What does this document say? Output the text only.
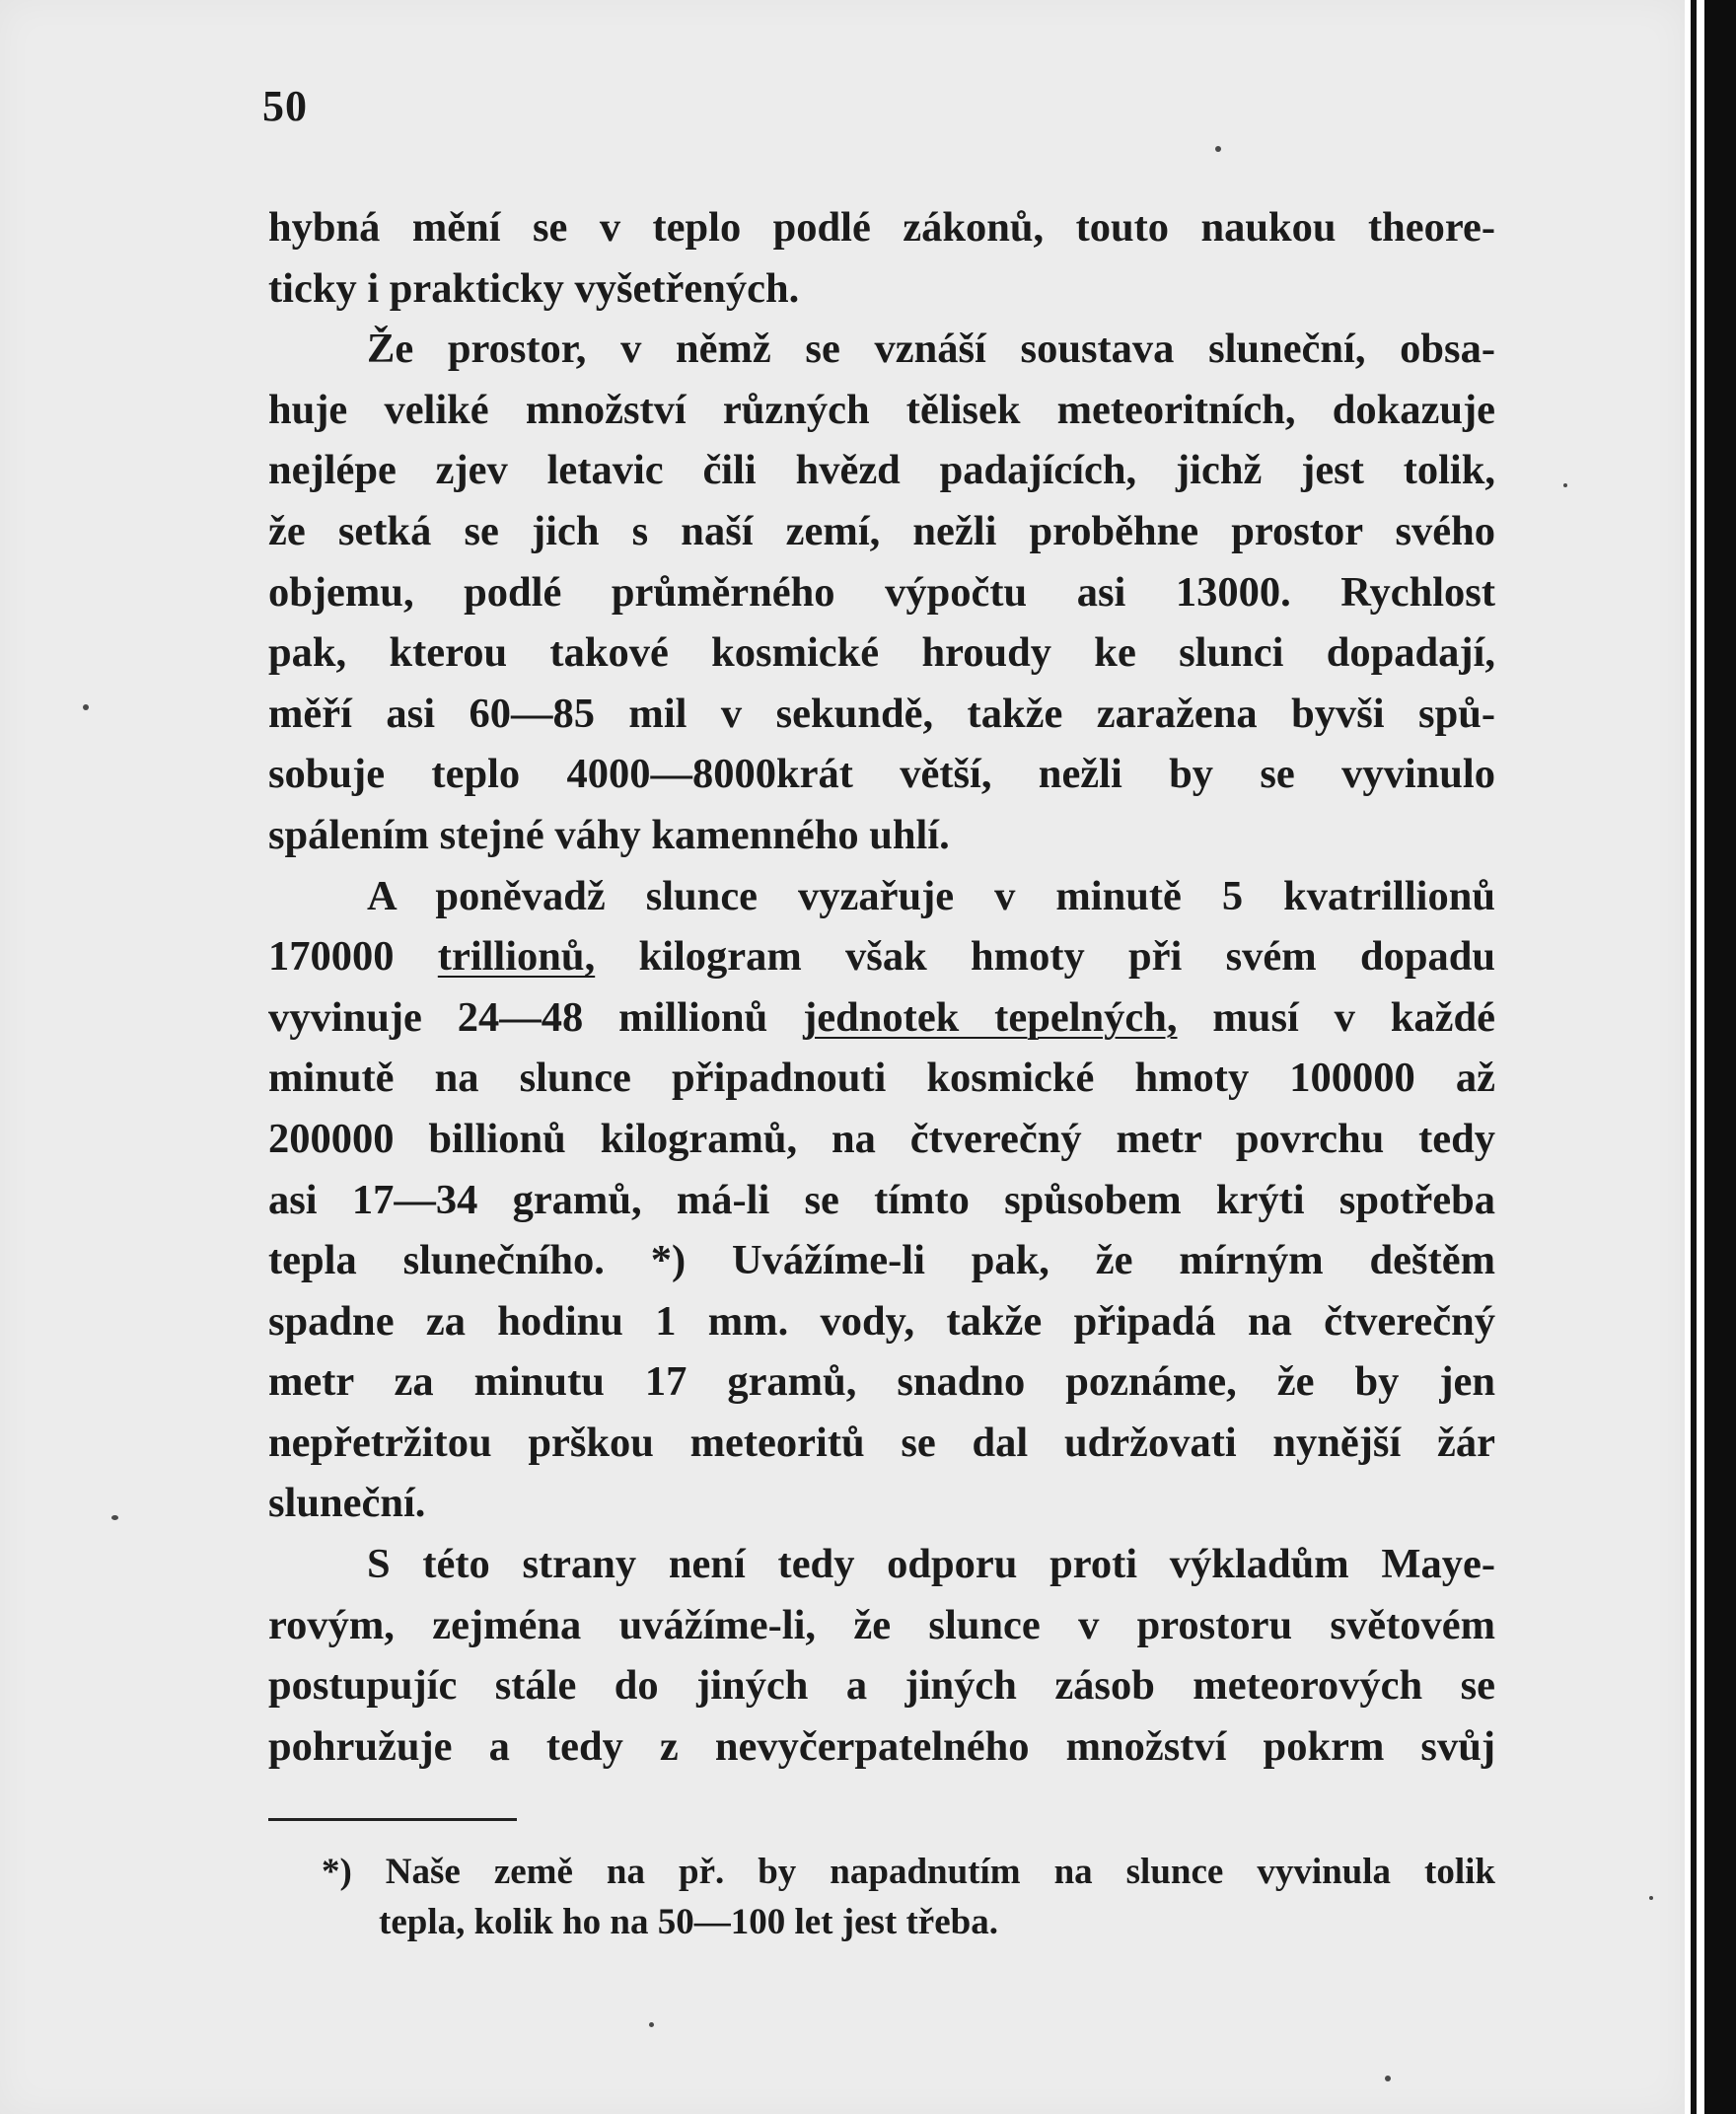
50
hybná mění se v teplo podlé zákonů, touto naukou theore-
ticky i prakticky vyšetřených.
Že prostor, v němž se vznáší soustava sluneční, obsa-
huje veliké množství různých tělisek meteoritních, dokazuje
nejlépe zjev letavic čili hvězd padajících, jichž jest tolik,
že setká se jich s naší zemí, nežli proběhne prostor svého
objemu, podlé průměrného výpočtu asi 13000. Rychlost
pak, kterou takové kosmické hroudy ke slunci dopadají,
měří asi 60—85 mil v sekundě, takže zaražena byvši spů-
sobuje teplo 4000—8000krát větší, nežli by se vyvinulo
spálením stejné váhy kamenného uhlí.
A poněvadž slunce vyzařuje v minutě 5 kvatrillionů
170000 trillionů, kilogram však hmoty při svém dopadu
vyvinuje 24—48 millionů jednotek tepelných, musí v každé
minutě na slunce připadnouti kosmické hmoty 100000 až
200000 billionů kilogramů, na čtverečný metr povrchu tedy
asi 17—34 gramů, má-li se tímto spůsobem krýti spotřeba
tepla slunečního. *) Uvážíme-li pak, že mírným deštěm
spadne za hodinu 1 mm. vody, takže připadá na čtverečný
metr za minutu 17 gramů, snadno poznáme, že by jen
nepřetržitou prškou meteoritů se dal udržovati nynější žár
sluneční.
S této strany není tedy odporu proti výkladům Maye-
rovým, zejména uvážíme-li, že slunce v prostoru světovém
postupujíc stále do jiných a jiných zásob meteorových se
pohružuje a tedy z nevyčerpatelného množství pokrm svůj
*) Naše země na př. by napadnutím na slunce vyvinula tolik
tepla, kolik ho na 50—100 let jest třeba.
